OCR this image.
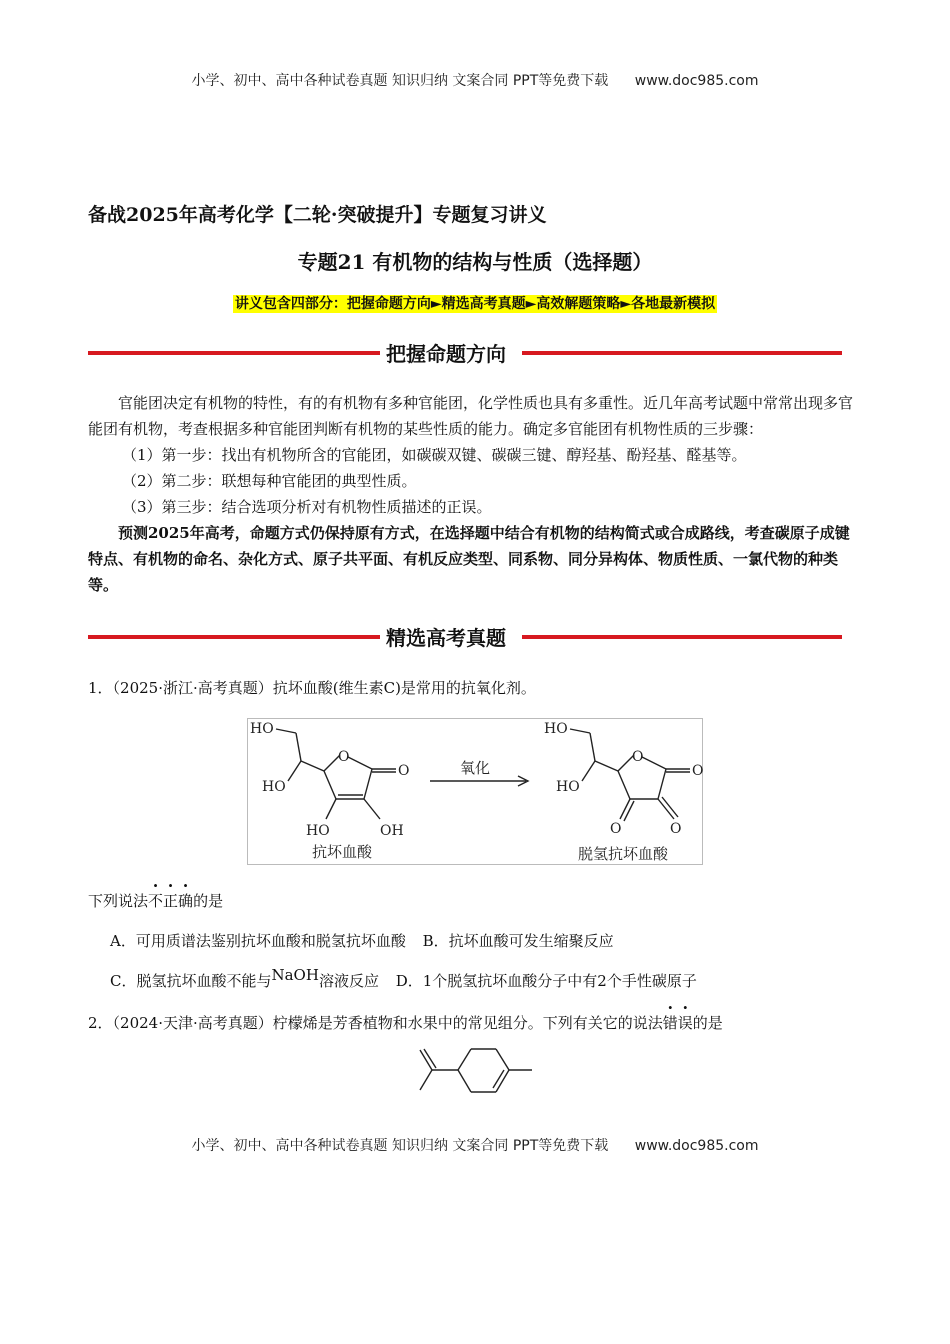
小学、初中、高中各种试卷真题 知识归纳 文案合同 PPT等免费下载 www.doc985.com
备战2025年高考化学【二轮·突破提升】专题复习讲义
专题21 有机物的结构与性质（选择题）
讲义包含四部分：把握命题方向►精选高考真题►高效解题策略►各地最新模拟
把握命题方向

官能团决定有机物的特性，有的有机物有多种官能团，化学性质也具有多重性。近几年高考试题中常常出现多官能团有机物，考查根据多种官能团判断有机物的某些性质的能力。确定多官能团有机物性质的三步骤：

（1）第一步：找出有机物所含的官能团，如碳碳双键、碳碳三键、醇羟基、酚羟基、醛基等。

（2）第二步：联想每种官能团的典型性质。

（3）第三步：结合选项分析对有机物性质描述的正误。

预测2025年高考，命题方式仍保持原有方式，在选择题中结合有机物的结构简式或合成路线，考查碳原子成键特点、有机物的命名、杂化方式、原子共平面、有机反应类型、同系物、同分异构体、物质性质、一氯代物的种类等。

精选高考真题
1．（2025·浙江·高考真题）抗坏血酸(维生素C)是常用的抗氧化剂。
HO
HO
O
O
HO	OH
HO
HO
O
O
O	O
抗坏血酸	脱氢抗坏血酸
氧化
下列说法不正确的是
A．可用质谱法鉴别抗坏血酸和脱氢抗坏血酸 B．抗坏血酸可发生缩聚反应
C．脱氢抗坏血酸不能与NaOH溶液反应 D．1个脱氢抗坏血酸分子中有2个手性碳原子
2．（2024·天津·高考真题）柠檬烯是芳香植物和水果中的常见组分。下列有关它的说法错误的是
小学、初中、高中各种试卷真题 知识归纳 文案合同 PPT等免费下载 www.doc985.com
